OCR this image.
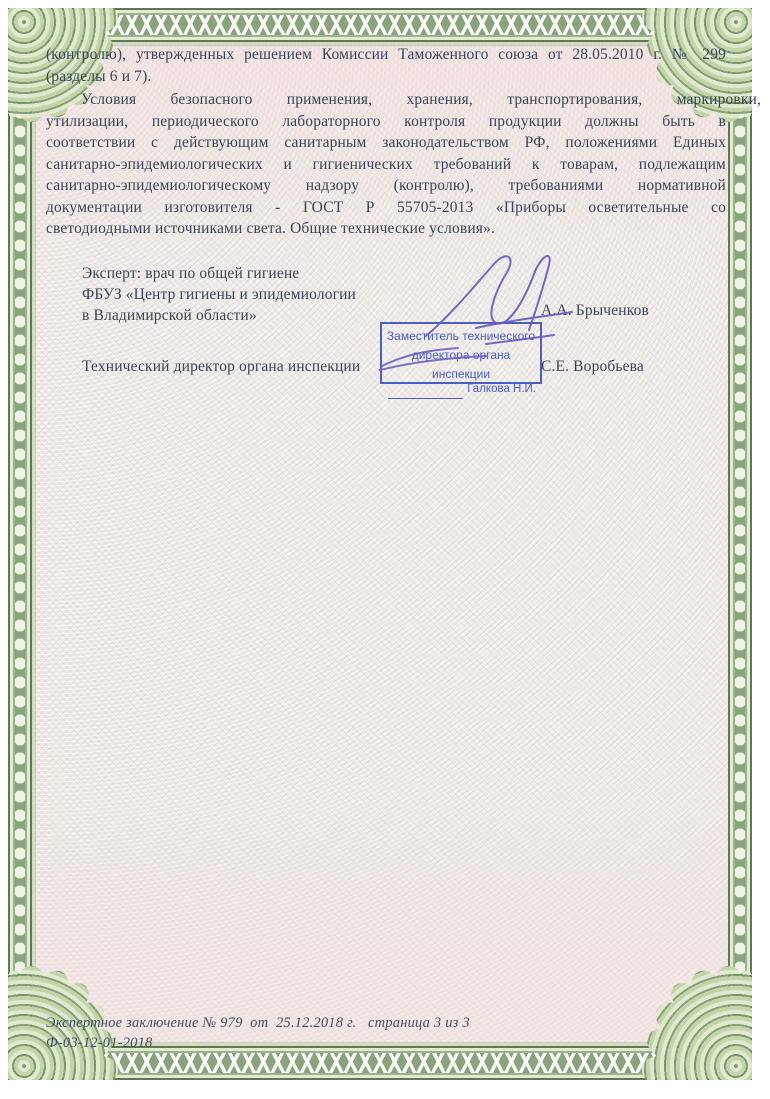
(контролю), утвержденных решением Комиссии Таможенного союза от 28.05.2010 г. № 299
(разделы 6 и 7).
Условия безопасного применения, хранения, транспортирования, маркировки,
утилизации, периодического лабораторного контроля продукции должны быть в
соответствии с действующим санитарным законодательством РФ, положениями Единых
санитарно-эпидемиологических и гигиенических требований к товарам, подлежащим
санитарно-эпидемиологическому надзору (контролю), требованиями нормативной
документации изготовителя - ГОСТ Р 55705-2013 «Приборы осветительные со
светодиодными источниками света. Общие технические условия».
Эксперт: врач по общей гигиене
ФБУЗ «Центр гигиены и эпидемиологии
в Владимирской области»	А.А. Брыченков
Технический директор органа инспекции	С.Е. Воробьева
Заместитель технического
директора органа инспекции
Галкова Н.И.
Экспертное заключение № 979  от  25.12.2018 г.   страница 3 из 3
Ф-03-12-01-2018
